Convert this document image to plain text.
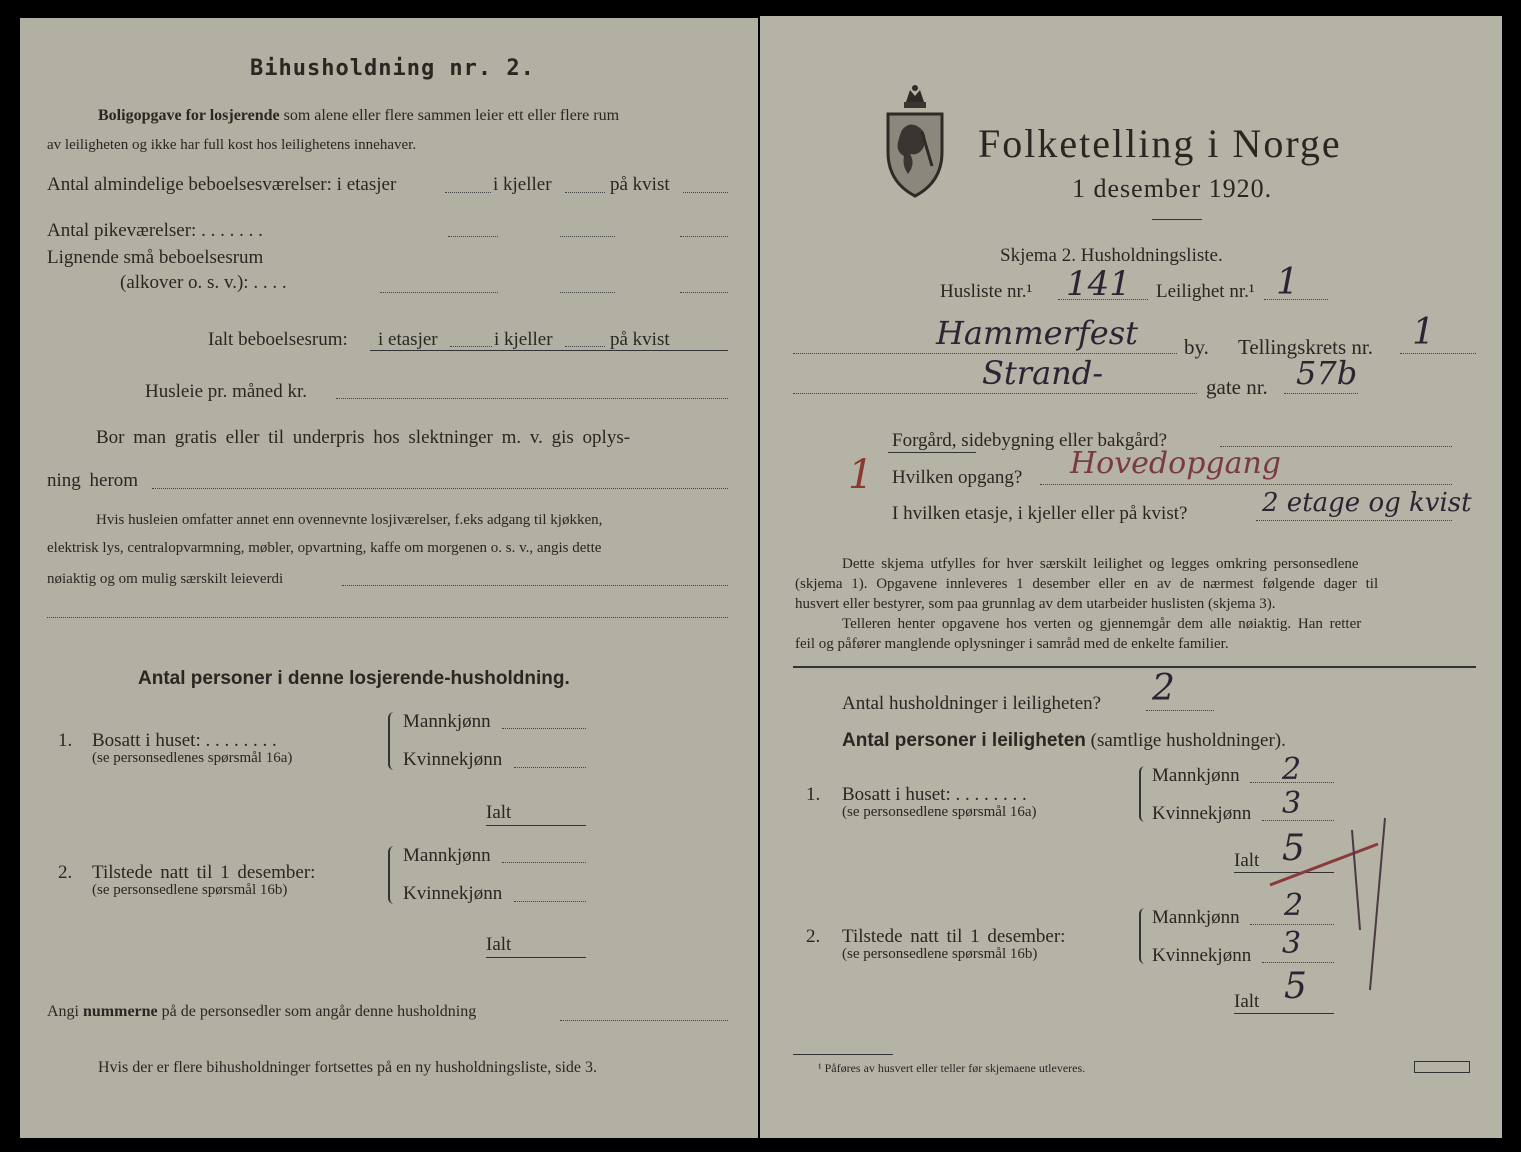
Bihusholdning nr. 2.
Boligopgave for losjerende som alene eller flere sammen leier ett eller flere rum
av leiligheten og ikke har full kost hos leilighetens innehaver.
Antal almindelige beboelsesværelser: i etasjer	i kjeller	på kvist
Antal pikeværelser: . . . . . . .
Lignende små beboelsesrum
(alkover o. s. v.): . . . .
Ialt beboelsesrum: i etasjer	i kjeller	på kvist
Husleie pr. måned kr.
Bor man gratis eller til underpris hos slektninger m. v. gis oplys-
ning herom
Hvis husleien omfatter annet enn ovennevnte losjiværelser, f.eks adgang til kjøkken,
elektrisk lys, centralopvarmning, møbler, opvartning, kaffe om morgenen o. s. v., angis dette
nøiaktig og om mulig særskilt leieverdi
Antal personer i denne losjerende-husholdning.
1. Bosatt i huset: . . . . . . . .
(se personsedlenes spørsmål 16a)
Mannkjønn
Kvinnekjønn
Ialt
2. Tilstede natt til 1 desember:
(se personsedlene spørsmål 16b)
Mannkjønn
Kvinnekjønn
Ialt
Angi nummerne på de personsedler som angår denne husholdning
Hvis der er flere bihusholdninger fortsettes på en ny husholdningsliste, side 3.
Folketelling i Norge
1 desember 1920.
Skjema 2. Husholdningsliste.
Husliste nr.¹ 141 Leilighet nr.¹ 1
Hammerfest by. Tellingskrets nr. 1
Strand-	gate nr. 57b
Forgård, sidebygning eller bakgård?
1 Hvilken opgang? Hovedopgang
I hvilken etasje, i kjeller eller på kvist?	2 etage og kvist
Dette skjema utfylles for hver særskilt leilighet og legges omkring personsedlene
(skjema 1). Opgavene innleveres 1 desember eller en av de nærmest følgende dager til
husvert eller bestyrer, som paa grunnlag av dem utarbeider huslisten (skjema 3).
Telleren henter opgavene hos verten og gjennemgår dem alle nøiaktig. Han retter
feil og påfører manglende oplysninger i samråd med de enkelte familier.
Antal husholdninger i leiligheten? 2
Antal personer i leiligheten (samtlige husholdninger).
1. Bosatt i huset: . . . . . . . .
(se personsedlene spørsmål 16a)
Mannkjønn 2
Kvinnekjønn 3
Ialt 5
2. Tilstede natt til 1 desember:
(se personsedlene spørsmål 16b)
Mannkjønn 2
Kvinnekjønn 3
Ialt 5
¹ Påføres av husvert eller teller før skjemaene utleveres.
